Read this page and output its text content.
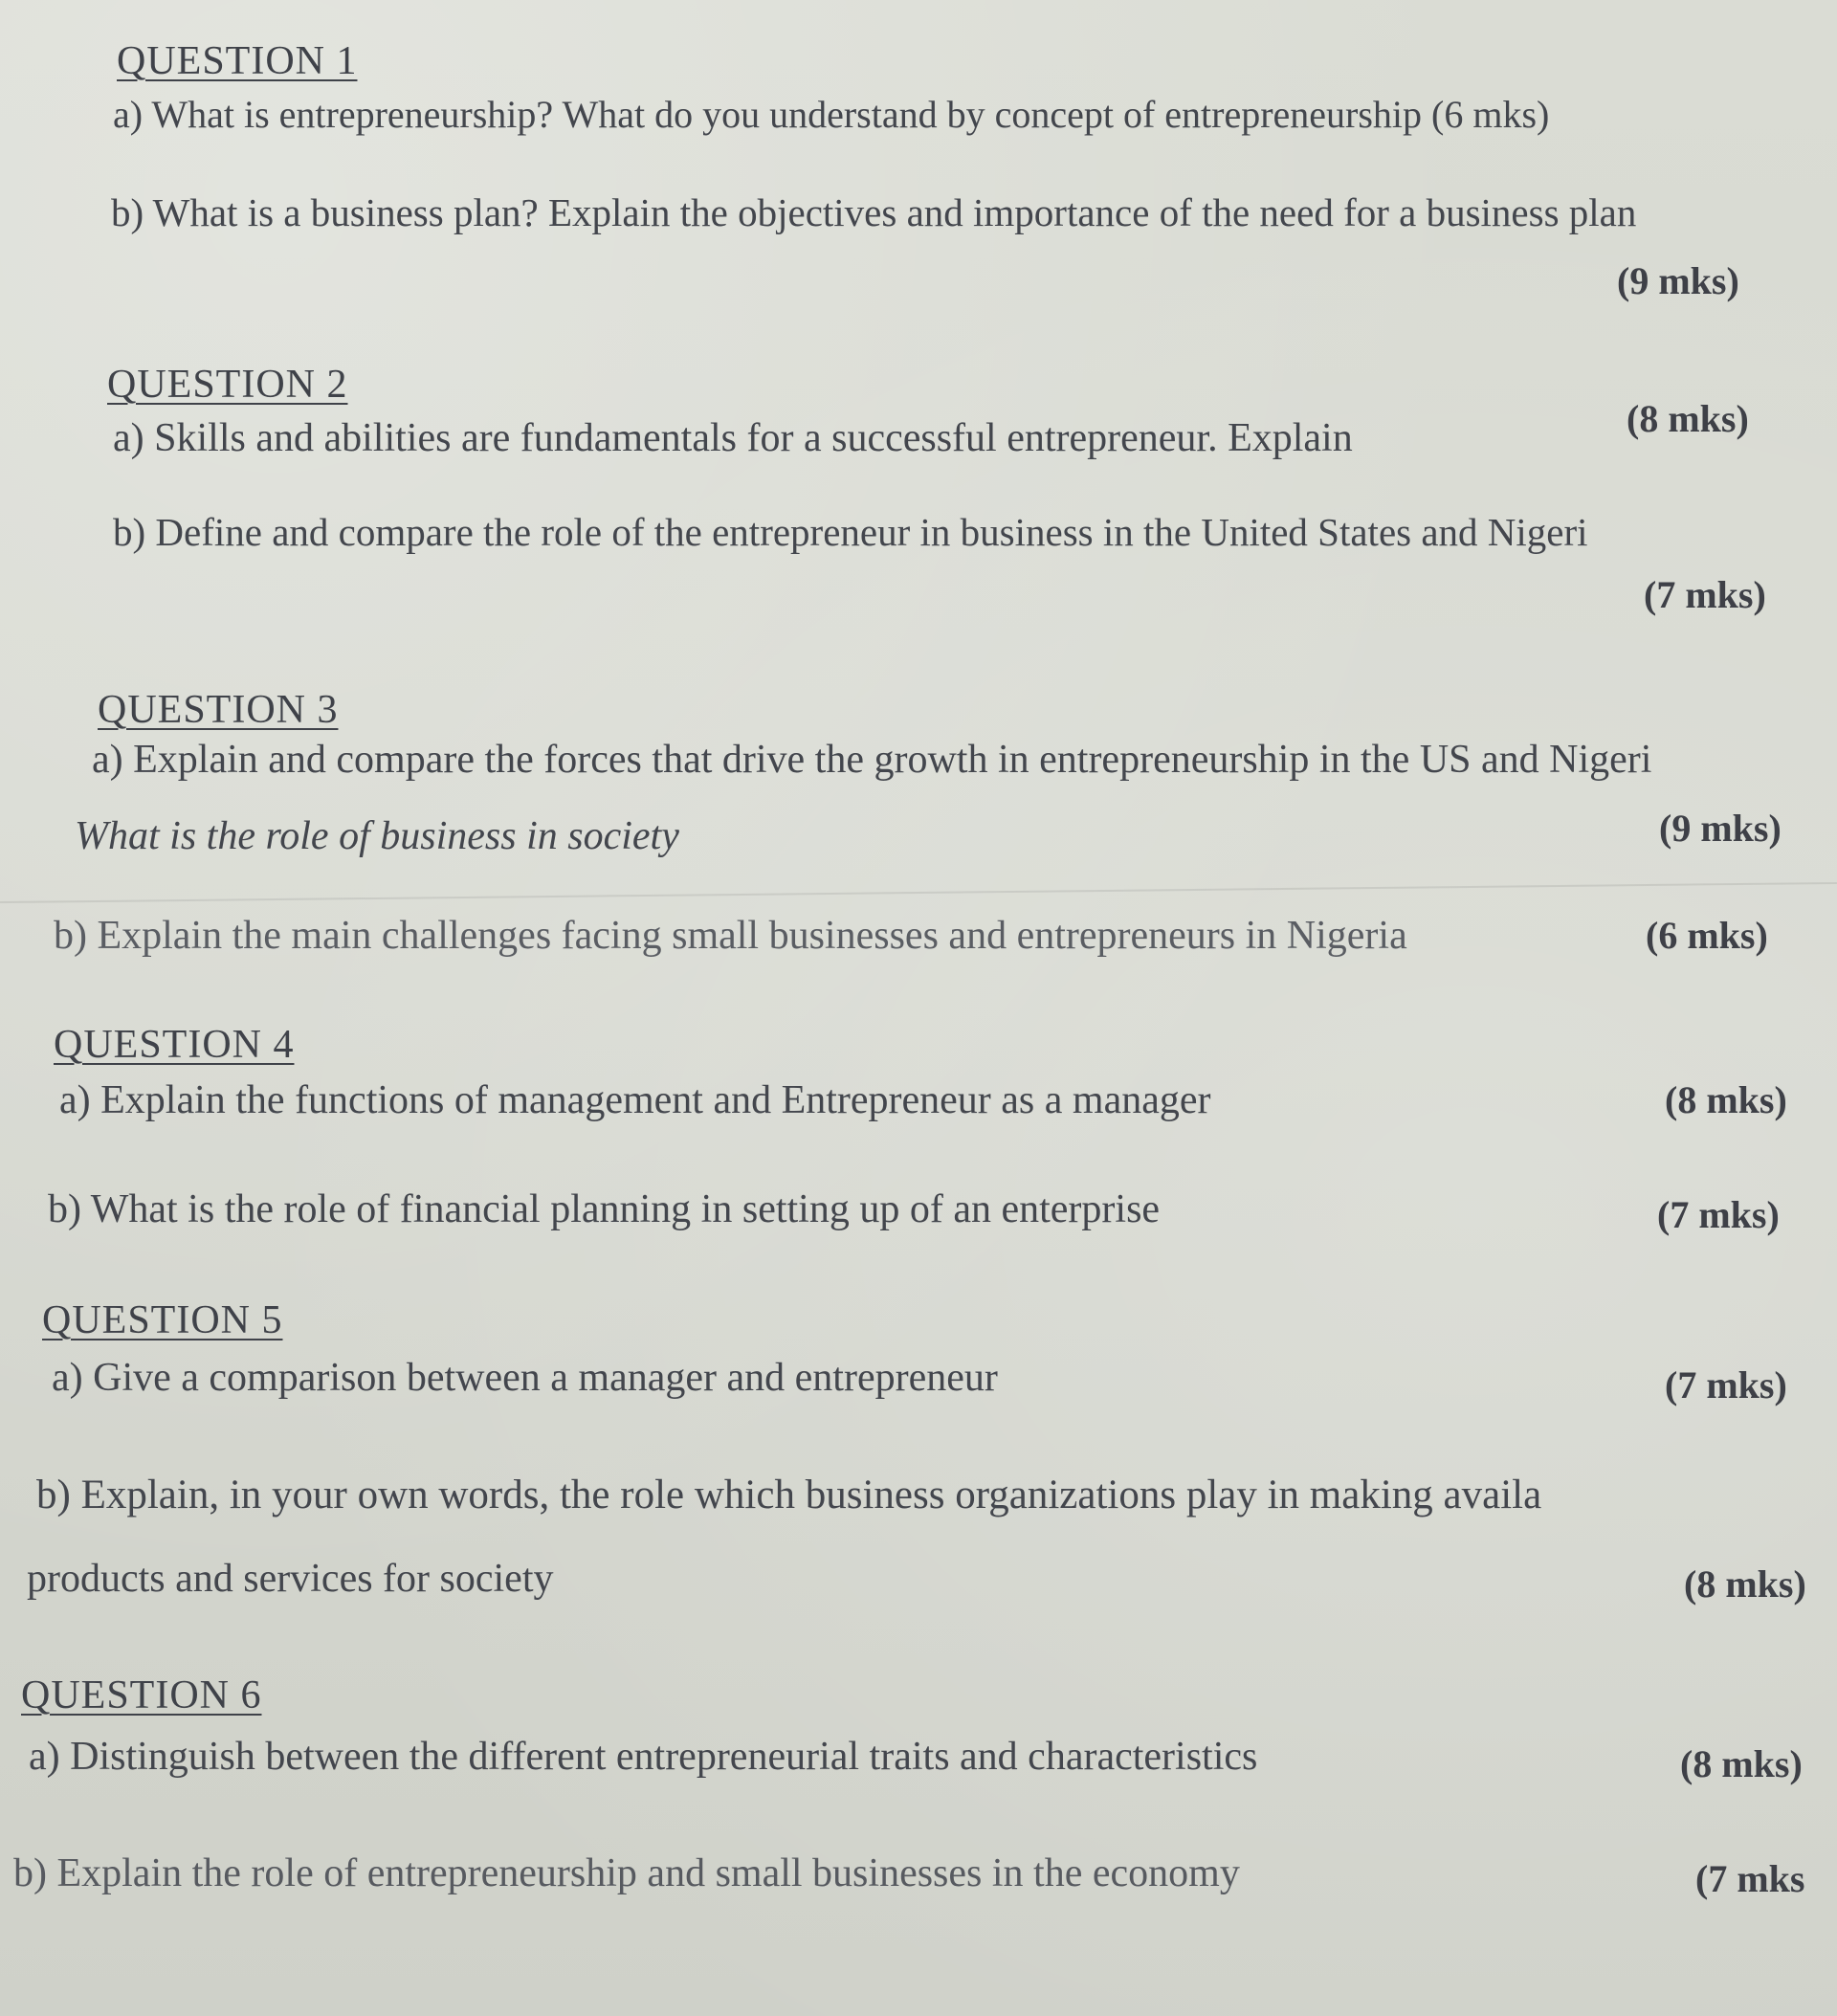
QUESTION 1
a) What is entrepreneurship? What do you understand by concept of entrepreneurship (6 mks)
b) What is a business plan? Explain the objectives and importance of the need for a business plan
(9 mks)
QUESTION 2
a) Skills and abilities are fundamentals for a successful entrepreneur. Explain	(8 mks)
b) Define and compare the role of the entrepreneur in business in the United States and Nigeri
(7 mks)
QUESTION 3
a) Explain and compare the forces that drive the growth in entrepreneurship in the US and Nigeri
What is the role of business in society	(9 mks)
b) Explain the main challenges facing small businesses and entrepreneurs in Nigeria	(6 mks)
QUESTION 4
a) Explain the functions of management and Entrepreneur as a manager	(8 mks)
b) What is the role of financial planning in setting up of an enterprise	(7 mks)
QUESTION 5
a) Give a comparison between a manager and entrepreneur	(7 mks)
b) Explain, in your own words, the role which business organizations play in making availa
products and services for society	(8 mks)
QUESTION 6
a) Distinguish between the different entrepreneurial traits and characteristics	(8 mks)
b) Explain the role of entrepreneurship and small businesses in the economy	(7 mks
